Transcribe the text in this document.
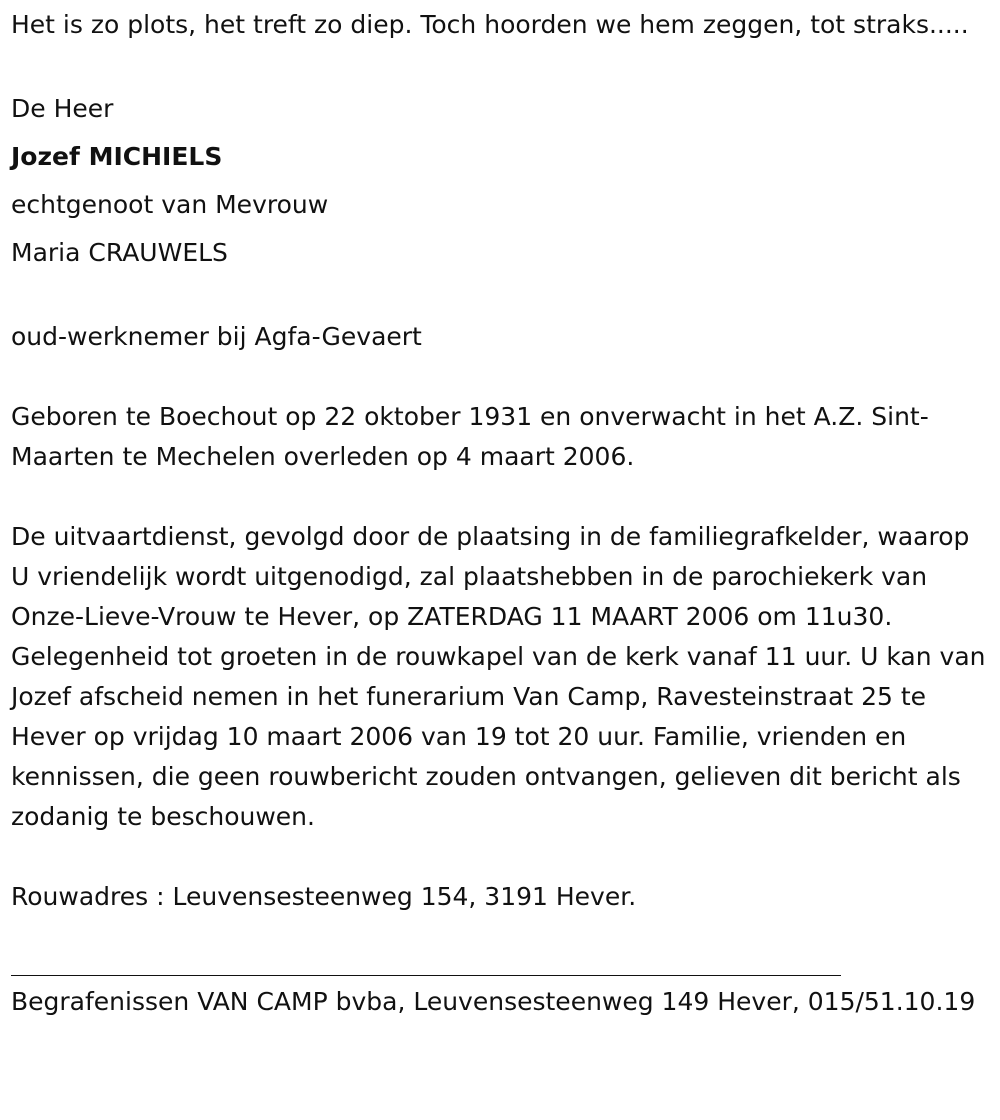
Het is zo plots, het treft zo diep. Toch hoorden we hem zeggen, tot straks.....

De Heer

Jozef MICHIELS

echtgenoot van Mevrouw

Maria CRAUWELS

oud-werknemer bij Agfa-Gevaert

Geboren te Boechout op 22 oktober 1931 en onverwacht in het A.Z. Sint-Maarten te Mechelen overleden op 4 maart 2006.

De uitvaartdienst, gevolgd door de plaatsing in de familiegrafkelder, waarop U vriendelijk wordt uitgenodigd, zal plaatshebben in de parochiekerk van Onze-Lieve-Vrouw te Hever, op ZATERDAG 11 MAART 2006 om 11u30. Gelegenheid tot groeten in de rouwkapel van de kerk vanaf 11 uur. U kan van Jozef afscheid nemen in het funerarium Van Camp, Ravesteinstraat 25 te Hever op vrijdag 10 maart 2006 van 19 tot 20 uur. Familie, vrienden en kennissen, die geen rouwbericht zouden ontvangen, gelieven dit bericht als zodanig te beschouwen.

Rouwadres : Leuvensesteenweg 154, 3191 Hever.

Begrafenissen VAN CAMP bvba, Leuvensesteenweg 149 Hever, 015/51.10.19
